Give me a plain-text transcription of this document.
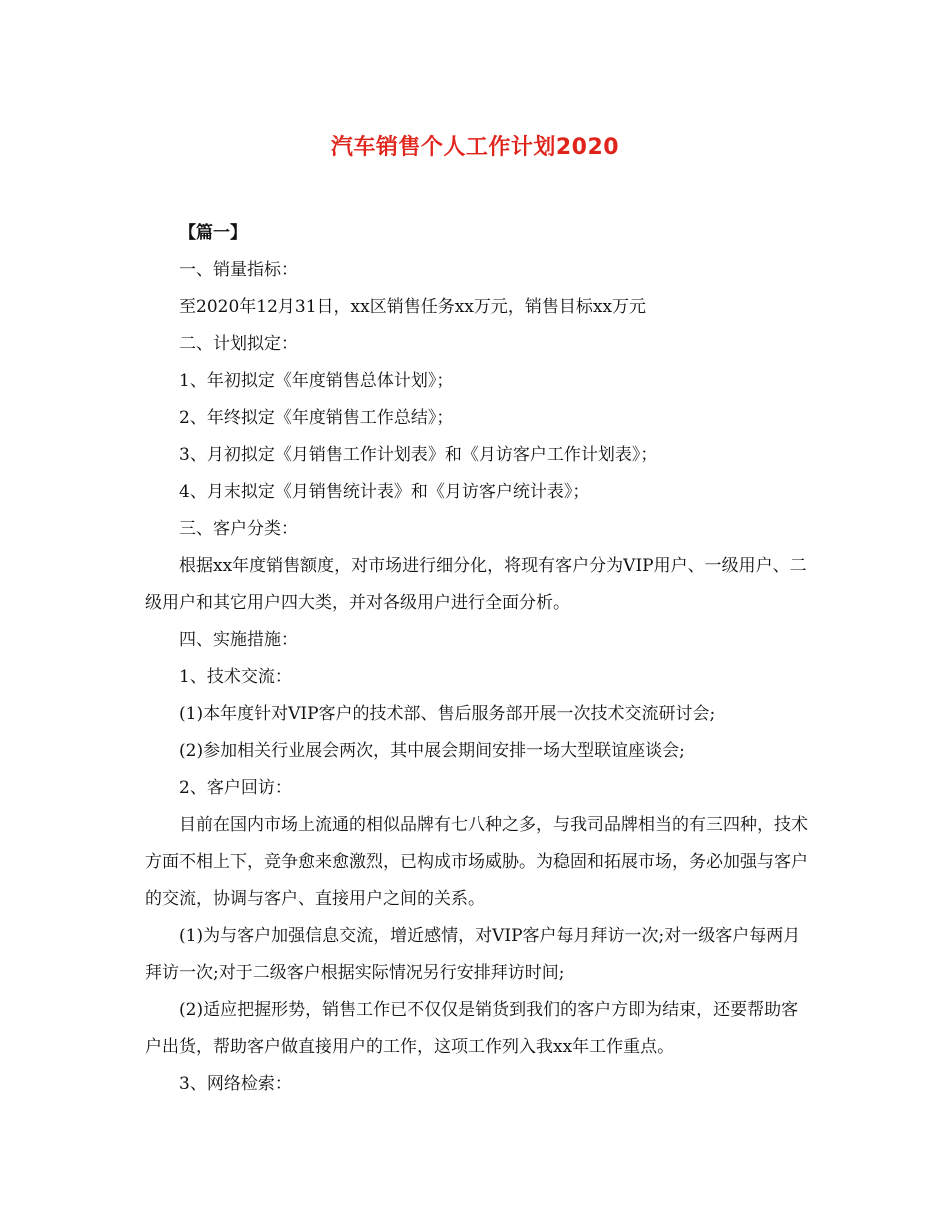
汽车销售个人工作计划2020

【篇一】

一、销量指标：

至2020年12月31日，xx区销售任务xx万元，销售目标xx万元

二、计划拟定：

1、年初拟定《年度销售总体计划》；

2、年终拟定《年度销售工作总结》；

3、月初拟定《月销售工作计划表》和《月访客户工作计划表》；

4、月末拟定《月销售统计表》和《月访客户统计表》；

三、客户分类：

根据xx年度销售额度，对市场进行细分化，将现有客户分为VIP用户、一级用户、二级用户和其它用户四大类，并对各级用户进行全面分析。

四、实施措施：

1、技术交流：

(1)本年度针对VIP客户的技术部、售后服务部开展一次技术交流研讨会;

(2)参加相关行业展会两次，其中展会期间安排一场大型联谊座谈会;

2、客户回访：

目前在国内市场上流通的相似品牌有七八种之多，与我司品牌相当的有三四种，技术方面不相上下，竞争愈来愈激烈，已构成市场威胁。为稳固和拓展市场，务必加强与客户的交流，协调与客户、直接用户之间的关系。

(1)为与客户加强信息交流，增近感情，对VIP客户每月拜访一次;对一级客户每两月拜访一次;对于二级客户根据实际情况另行安排拜访时间;

(2)适应把握形势，销售工作已不仅仅是销货到我们的客户方即为结束，还要帮助客户出货，帮助客户做直接用户的工作，这项工作列入我xx年工作重点。

3、网络检索：
